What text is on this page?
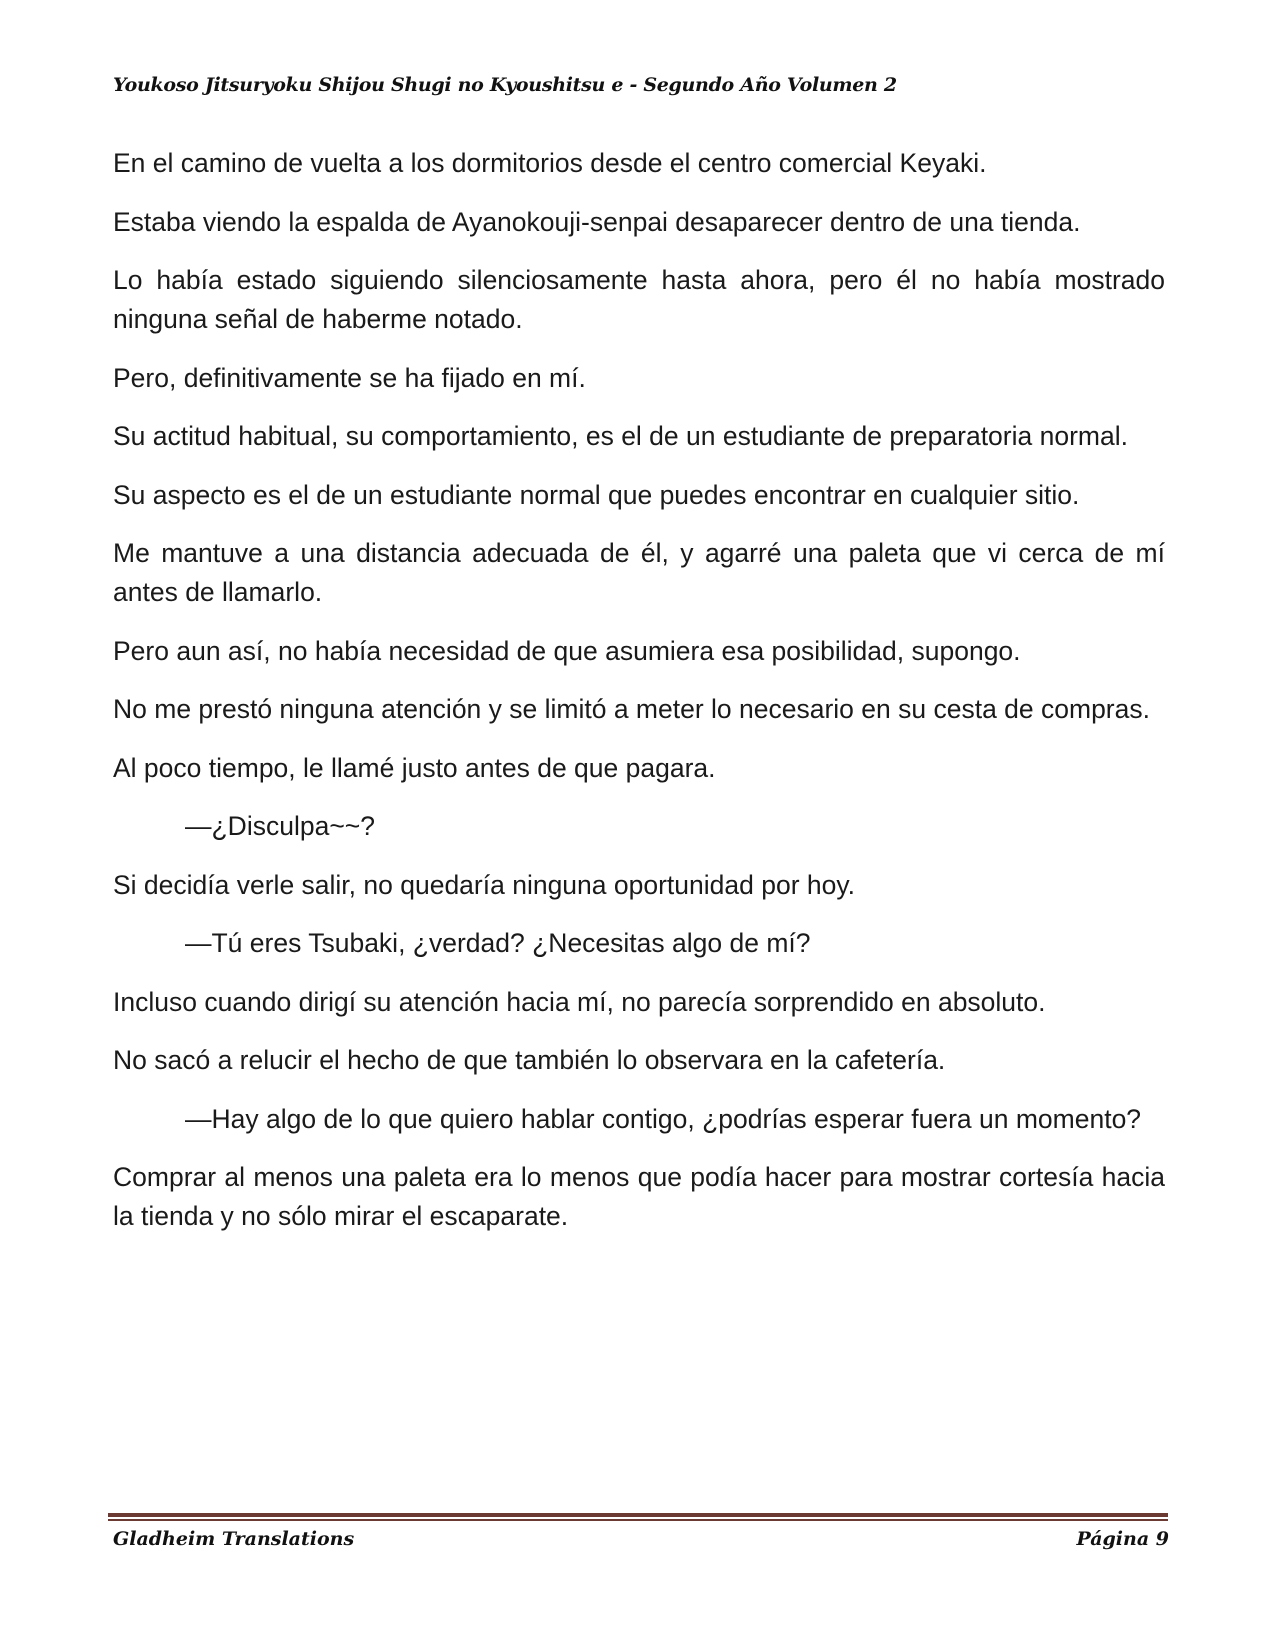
Youkoso Jitsuryoku Shijou Shugi no Kyoushitsu e - Segundo Año Volumen 2

En el camino de vuelta a los dormitorios desde el centro comercial Keyaki.

Estaba viendo la espalda de Ayanokouji-senpai desaparecer dentro de una tienda.

Lo había estado siguiendo silenciosamente hasta ahora, pero él no había mostrado ninguna señal de haberme notado.

Pero, definitivamente se ha fijado en mí.

Su actitud habitual, su comportamiento, es el de un estudiante de preparatoria normal.

Su aspecto es el de un estudiante normal que puedes encontrar en cualquier sitio.

Me mantuve a una distancia adecuada de él, y agarré una paleta que vi cerca de mí antes de llamarlo.

Pero aun así, no había necesidad de que asumiera esa posibilidad, supongo.

No me prestó ninguna atención y se limitó a meter lo necesario en su cesta de compras.

Al poco tiempo, le llamé justo antes de que pagara.

—¿Disculpa~~?

Si decidía verle salir, no quedaría ninguna oportunidad por hoy.

—Tú eres Tsubaki, ¿verdad? ¿Necesitas algo de mí?

Incluso cuando dirigí su atención hacia mí, no parecía sorprendido en absoluto.

No sacó a relucir el hecho de que también lo observara en la cafetería.

—Hay algo de lo que quiero hablar contigo, ¿podrías esperar fuera un momento?

Comprar al menos una paleta era lo menos que podía hacer para mostrar cortesía hacia la tienda y no sólo mirar el escaparate.

Gladheim Translations	Página 9
